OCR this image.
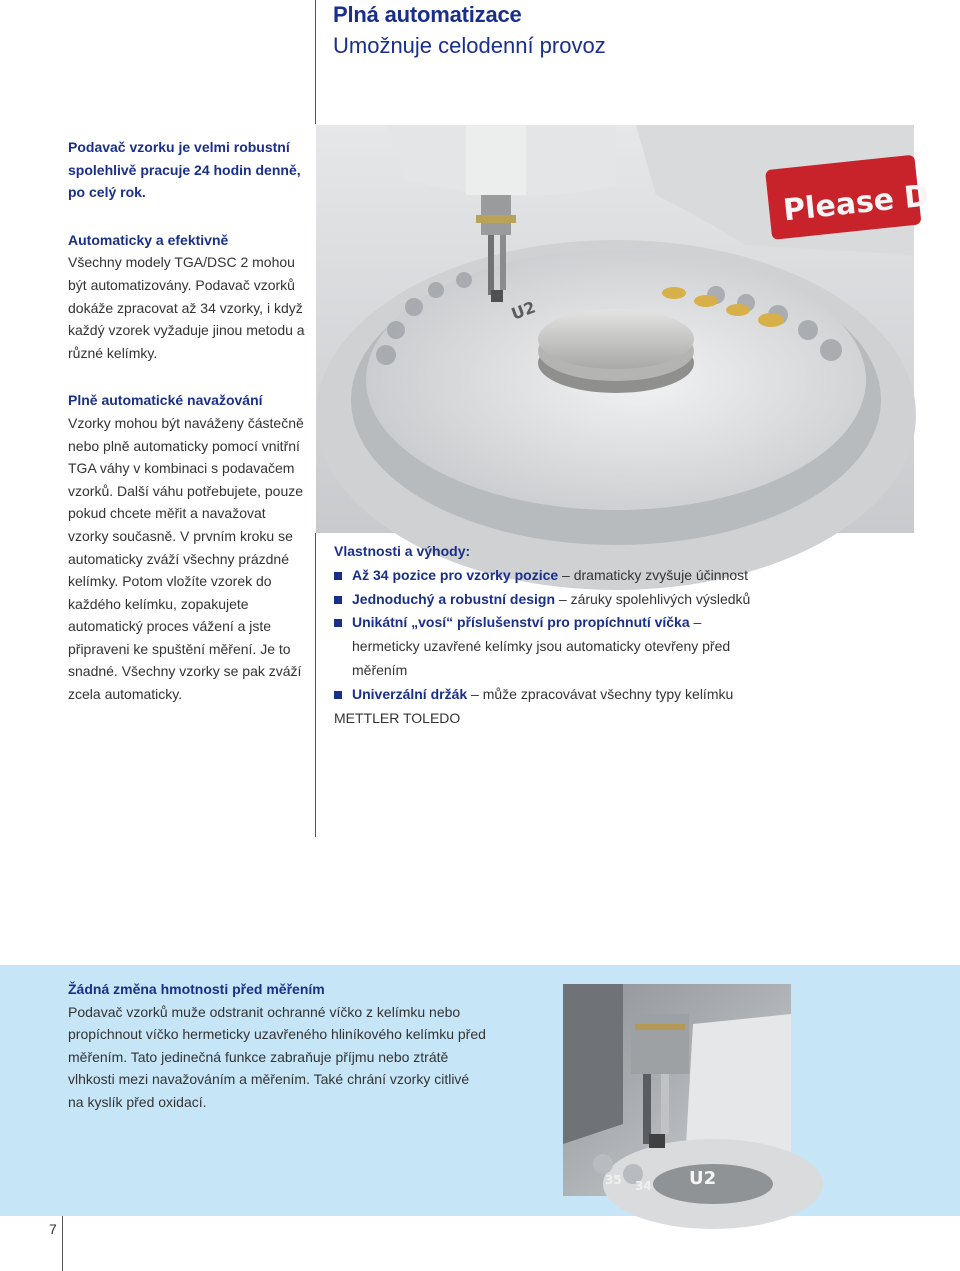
Plná automatizace
Umožnuje celodenní provoz

Podavač vzorku je velmi robustní spolehlivě pracuje 24 hodin denně, po celý rok.

Automaticky a efektivně
Všechny modely TGA/DSC 2 mohou být automatizovány. Podavač vzorků dokáže zpracovat až 34 vzorky, i když každý vzorek vyžaduje jinou metodu a různé kelímky.

Plně automatické navažování
Vzorky mohou být naváženy částečně nebo plně automaticky pomocí vnitřní TGA váhy v kombinaci s podavačem vzorků. Další váhu potřebujete, pouze pokud chcete měřit a navažovat vzorky současně. V prvním kroku se automaticky zváží všechny prázdné kelímky. Potom vložíte vzorek do každého kelímku, zopakujete automatický proces vážení a jste připraveni ke spuštění měření. Je to snadné. Všechny vzorky se pak zváží zcela automaticky.

Please D
U2
Vlastnosti a výhody:
Až 34 pozice pro vzorky pozice – dramaticky zvyšuje účinnost
Jednoduchý a robustní design – záruky spolehlivých výsledků
Unikátní „vosí“ příslušenství pro propíchnutí víčka – hermeticky uzavřené kelímky jsou automaticky otevřeny před měřením
Univerzální držák – může zpracovávat všechny typy kelímku
METTLER TOLEDO
Žádná změna hmotnosti před měřením
Podavač vzorků muže odstranit ochranné víčko z kelímku nebo propíchnout víčko hermeticky uzavřeného hliníkového kelímku před měřením. Tato jedinečná funkce zabraňuje příjmu nebo ztrátě vlhkosti mezi navažováním a měřením. Také chrání vzorky citlivé na kyslík před oxidací.
35 34 U2
7
